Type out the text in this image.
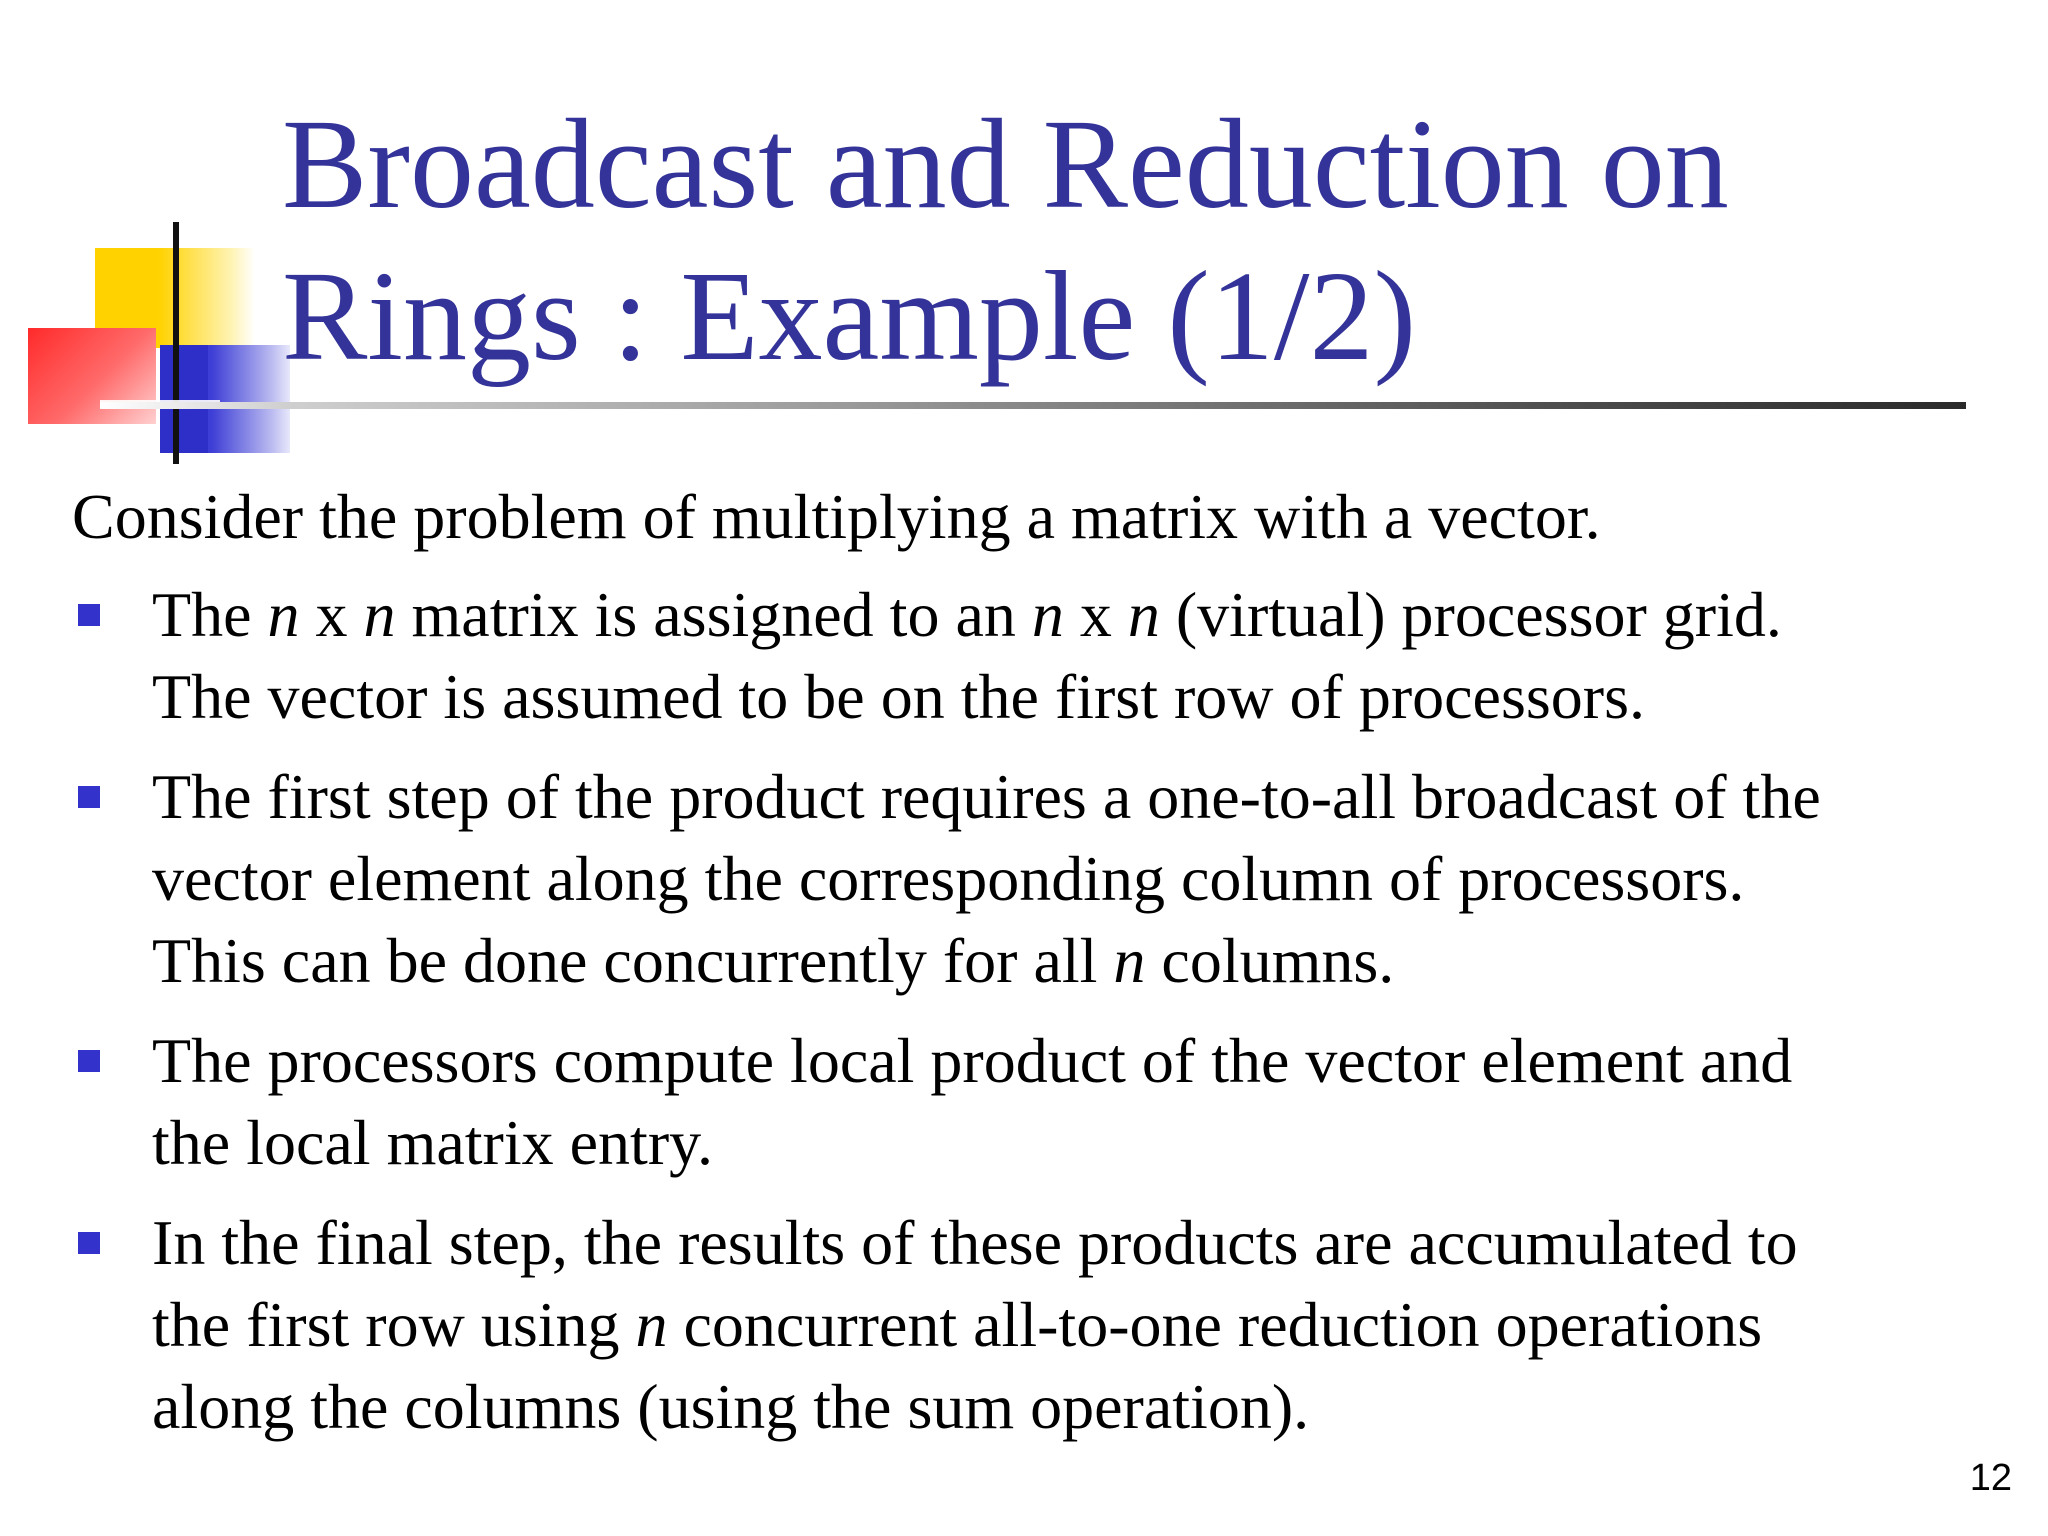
Broadcast and Reduction on
Rings : Example (1/2)

Consider the problem of multiplying a matrix with a vector.

The n x n matrix is assigned to an n x n (virtual) processor grid.
The vector is assumed to be on the first row of processors.
The first step of the product requires a one-to-all broadcast of the
vector element along the corresponding column of processors.
This can be done concurrently for all n columns.
The processors compute local product of the vector element and
the local matrix entry.
In the final step, the results of these products are accumulated to
the first row using n concurrent all-to-one reduction operations
along the columns (using the sum operation).
12
